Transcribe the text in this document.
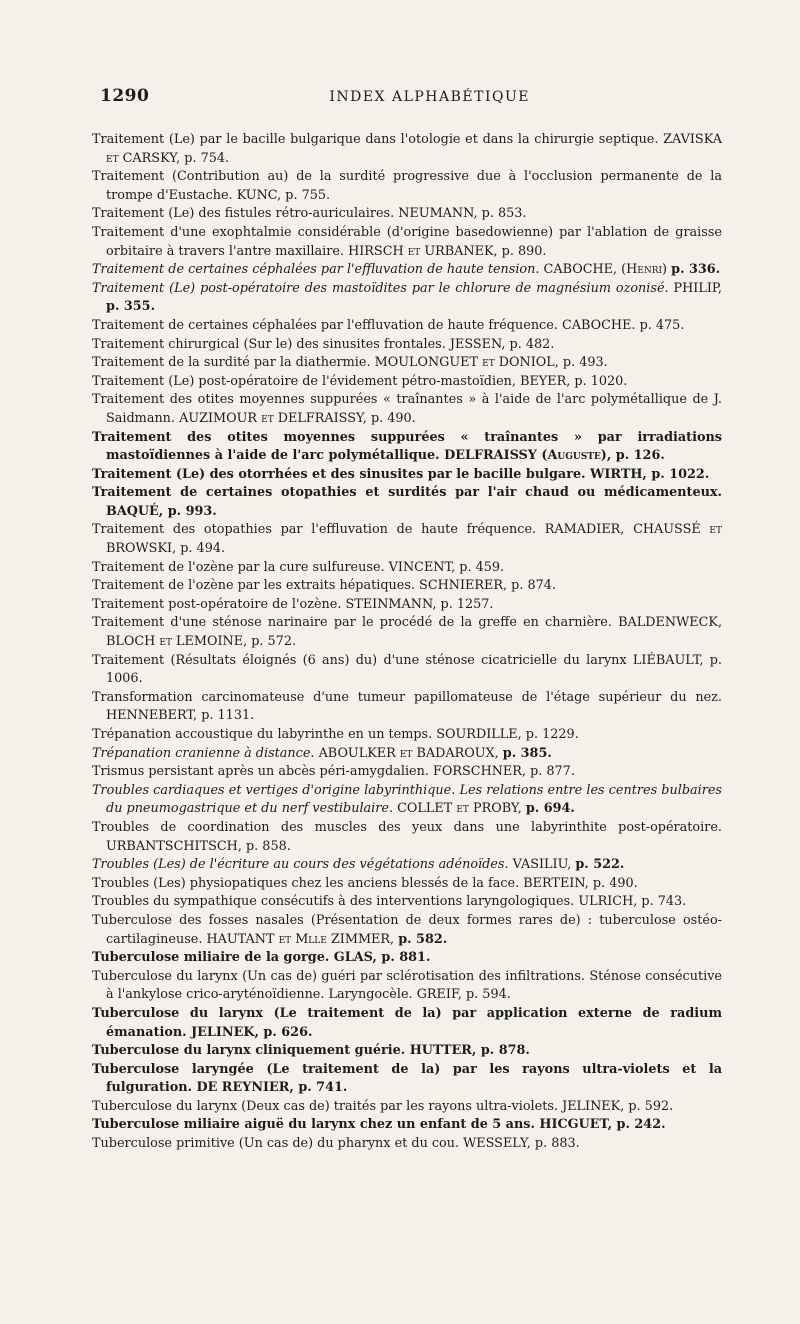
1290	INDEX ALPHABÉTIQUE

Traitement (Le) par le bacille bulgarique dans l'otologie et dans la chirurgie septique. ZAVISKA et CARSKY, p. 754.

Traitement (Contribution au) de la surdité progressive due à l'occlusion permanente de la trompe d'Eustache. KUNC, p. 755.

Traitement (Le) des fistules rétro-auriculaires. NEUMANN, p. 853.

Traitement d'une exophtalmie considérable (d'origine basedowienne) par l'ablation de graisse orbitaire à travers l'antre maxillaire. HIRSCH et URBANEK, p. 890.

Traitement de certaines céphalées par l'effluvation de haute tension. CABOCHE, (Henri) p. 336.

Traitement (Le) post-opératoire des mastoïdites par le chlorure de magnésium ozonisé. PHILIP, p. 355.

Traitement de certaines céphalées par l'effluvation de haute fréquence. CABOCHE. p. 475.

Traitement chirurgical (Sur le) des sinusites frontales. JESSEN, p. 482.

Traitement de la surdité par la diathermie. MOULONGUET et DONIOL, p. 493.

Traitement (Le) post-opératoire de l'évidement pétro-mastoïdien, BEYER, p. 1020.

Traitement des otites moyennes suppurées « traînantes » à l'aide de l'arc polymétallique de J. Saidmann. AUZIMOUR et DELFRAISSY, p. 490.

Traitement des otites moyennes suppurées « traînantes » par irradiations mastoïdiennes à l'aide de l'arc polymétallique. DELFRAISSY (Auguste), p. 126.

Traitement (Le) des otorrhées et des sinusites par le bacille bulgare. WIRTH, p. 1022.

Traitement de certaines otopathies et surdités par l'air chaud ou médicamenteux. BAQUÉ, p. 993.

Traitement des otopathies par l'effluvation de haute fréquence. RAMADIER, CHAUSSÉ et BROWSKI, p. 494.

Traitement de l'ozène par la cure sulfureuse. VINCENT, p. 459.

Traitement de l'ozène par les extraits hépatiques. SCHNIERER, p. 874.

Traitement post-opératoire de l'ozène. STEINMANN, p. 1257.

Traitement d'une sténose narinaire par le procédé de la greffe en charnière. BALDENWECK, BLOCH et LEMOINE, p. 572.

Traitement (Résultats éloignés (6 ans) du) d'une sténose cicatricielle du larynx LIÉBAULT, p. 1006.

Transformation carcinomateuse d'une tumeur papillomateuse de l'étage supérieur du nez. HENNEBERT, p. 1131.

Trépanation accoustique du labyrinthe en un temps. SOURDILLE, p. 1229.

Trépanation cranienne à distance. ABOULKER et BADAROUX, p. 385.

Trismus persistant après un abcès péri-amygdalien. FORSCHNER, p. 877.

Troubles cardiaques et vertiges d'origine labyrinthique. Les relations entre les centres bulbaires du pneumogastrique et du nerf vestibulaire. COLLET et PROBY, p. 694.

Troubles de coordination des muscles des yeux dans une labyrinthite post-opératoire. URBANTSCHITSCH, p. 858.

Troubles (Les) de l'écriture au cours des végétations adénoïdes. VASILIU, p. 522.

Troubles (Les) physiopatiques chez les anciens blessés de la face. BERTEIN, p. 490.

Troubles du sympathique consécutifs à des interventions laryngologiques. ULRICH, p. 743.

Tuberculose des fosses nasales (Présentation de deux formes rares de) : tuberculose ostéo-cartilagineuse. HAUTANT et Mlle ZIMMER, p. 582.

Tuberculose miliaire de la gorge. GLAS, p. 881.

Tuberculose du larynx (Un cas de) guéri par sclérotisation des infiltrations. Sténose consécutive à l'ankylose crico-aryténoïdienne. Laryngocèle. GREIF, p. 594.

Tuberculose du larynx (Le traitement de la) par application externe de radium émanation. JELINEK, p. 626.

Tuberculose du larynx cliniquement guérie. HUTTER, p. 878.

Tuberculose laryngée (Le traitement de la) par les rayons ultra-violets et la fulguration. DE REYNIER, p. 741.

Tuberculose du larynx (Deux cas de) traités par les rayons ultra-violets. JELINEK, p. 592.

Tuberculose miliaire aiguë du larynx chez un enfant de 5 ans. HICGUET, p. 242.

Tuberculose primitive (Un cas de) du pharynx et du cou. WESSELY, p. 883.
